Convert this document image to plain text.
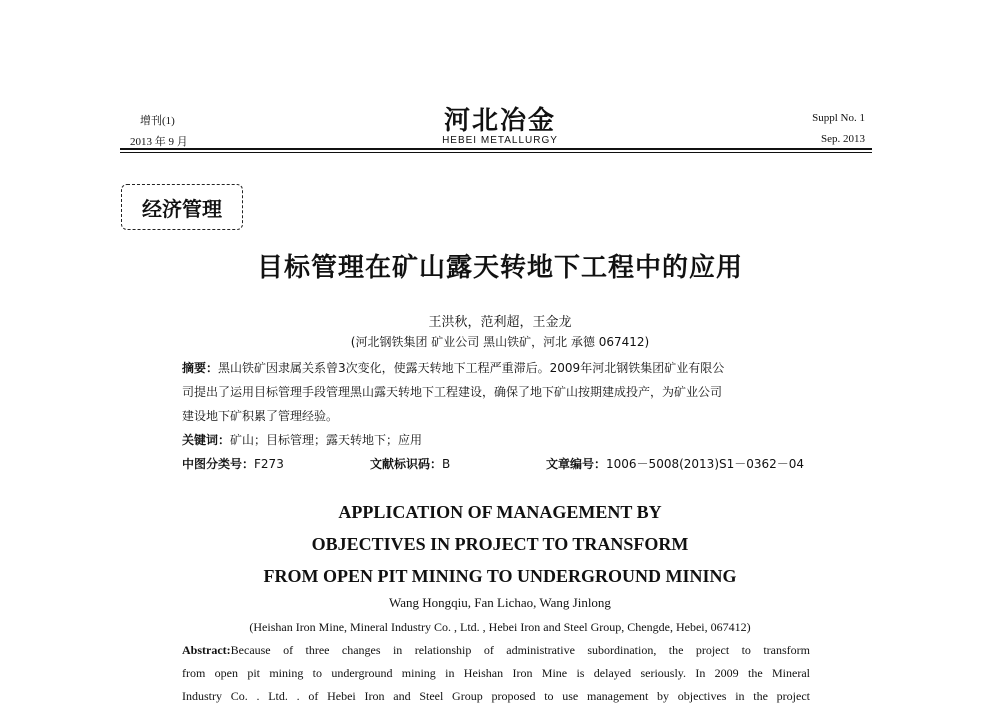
增刊(1)
2013 年 9 月
河北冶金
HEBEI METALLURGY
Suppl No. 1
Sep. 2013
经济管理
目标管理在矿山露天转地下工程中的应用
王洪秋，范利超，王金龙
(河北钢铁集团 矿业公司 黑山铁矿，河北 承德 067412)
摘要：黑山铁矿因隶属关系曾3次变化，使露天转地下工程严重滞后。2009年河北钢铁集团矿业有限公
司提出了运用目标管理手段管理黑山露天转地下工程建设，确保了地下矿山按期建成投产，为矿业公司
建设地下矿积累了管理经验。
关键词：矿山；目标管理；露天转地下；应用
中图分类号：F273	文献标识码：B	文章编号：1006－5008(2013)S1－0362－04
APPLICATION OF MANAGEMENT BY
OBJECTIVES IN PROJECT TO TRANSFORM
FROM OPEN PIT MINING TO UNDERGROUND MINING
Wang Hongqiu, Fan Lichao, Wang Jinlong
(Heishan Iron Mine, Mineral Industry Co. , Ltd. , Hebei Iron and Steel Group, Chengde, Hebei, 067412)
Abstract:Because of three changes in relationship of administrative subordination, the project to transform
from open pit mining to underground mining in Heishan Iron Mine is delayed seriously. In 2009 the Mineral
Industry Co. . Ltd. . of Hebei Iron and Steel Group proposed to use management by objectives in the project
